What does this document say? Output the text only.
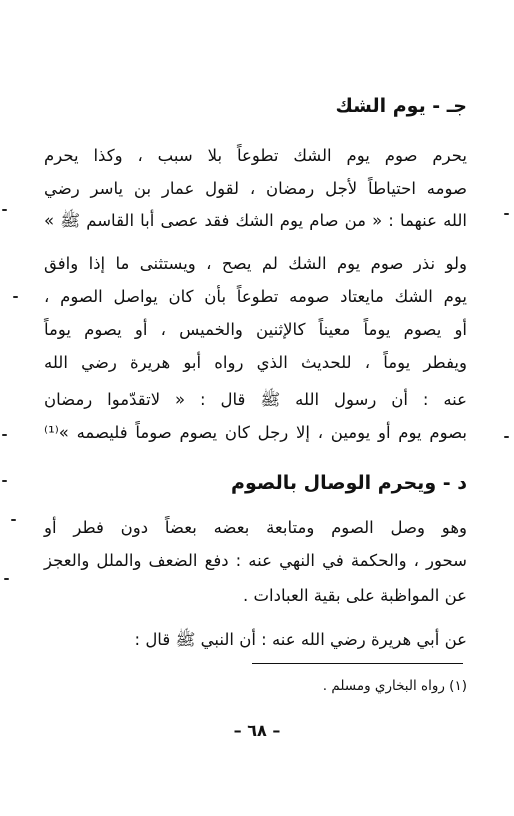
جـ - يوم الشك
يحرم صوم يوم الشك تطوعاً بلا سبب ، وكذا يحرم
صومه احتياطاً لأجل رمضان ، لقول عمار بن ياسر رضي
الله عنهما : « من صام يوم الشك فقد عصى أبا القاسم ﷺ »
ولو نذر صوم يوم الشك لم يصح ، ويستثنى ما إذا وافق
يوم الشك مايعتاد صومه تطوعاً بأن كان يواصل الصوم ،
أو يصوم يوماً معيناً كالإثنين والخميس ، أو يصوم يوماً
ويفطر يوماً ، للحديث الذي رواه أبو هريرة رضي الله
عنه : أن رسول الله ﷺ قال : « لاتقدّموا رمضان
بصوم يوم أو يومين ، إلا رجل كان يصوم صوماً فليصمه »⁽¹⁾
د - ويحرم الوصال بالصوم
وهو وصل الصوم ومتابعة بعضه بعضاً دون فطر أو
سحور ، والحكمة في النهي عنه : دفع الضعف والملل والعجز
عن المواظبة على بقية العبادات .
عن أبي هريرة رضي الله عنه : أن النبي ﷺ قال :
(١) رواه البخاري ومسلم .
– ٦٨ –
